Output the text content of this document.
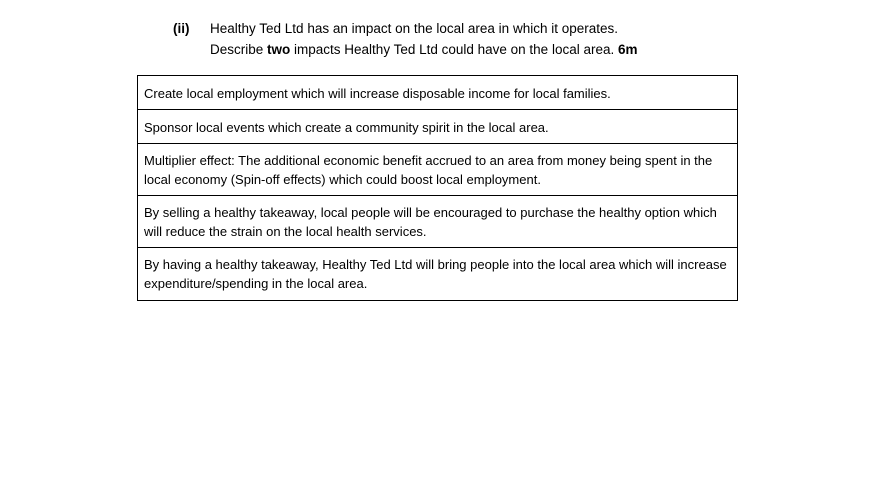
(ii)	Healthy Ted Ltd has an impact on the local area in which it operates.
Describe two impacts Healthy Ted Ltd could have on the local area. 6m
Create local employment which will increase disposable income for local families.
Sponsor local events which create a community spirit in the local area.
Multiplier effect: The additional economic benefit accrued to an area from money being spent in the local economy (Spin-off effects) which could boost local employment.
By selling a healthy takeaway, local people will be encouraged to purchase the healthy option which will reduce the strain on the local health services.
By having a healthy takeaway, Healthy Ted Ltd will bring people into the local area which will increase expenditure/spending in the local area.
